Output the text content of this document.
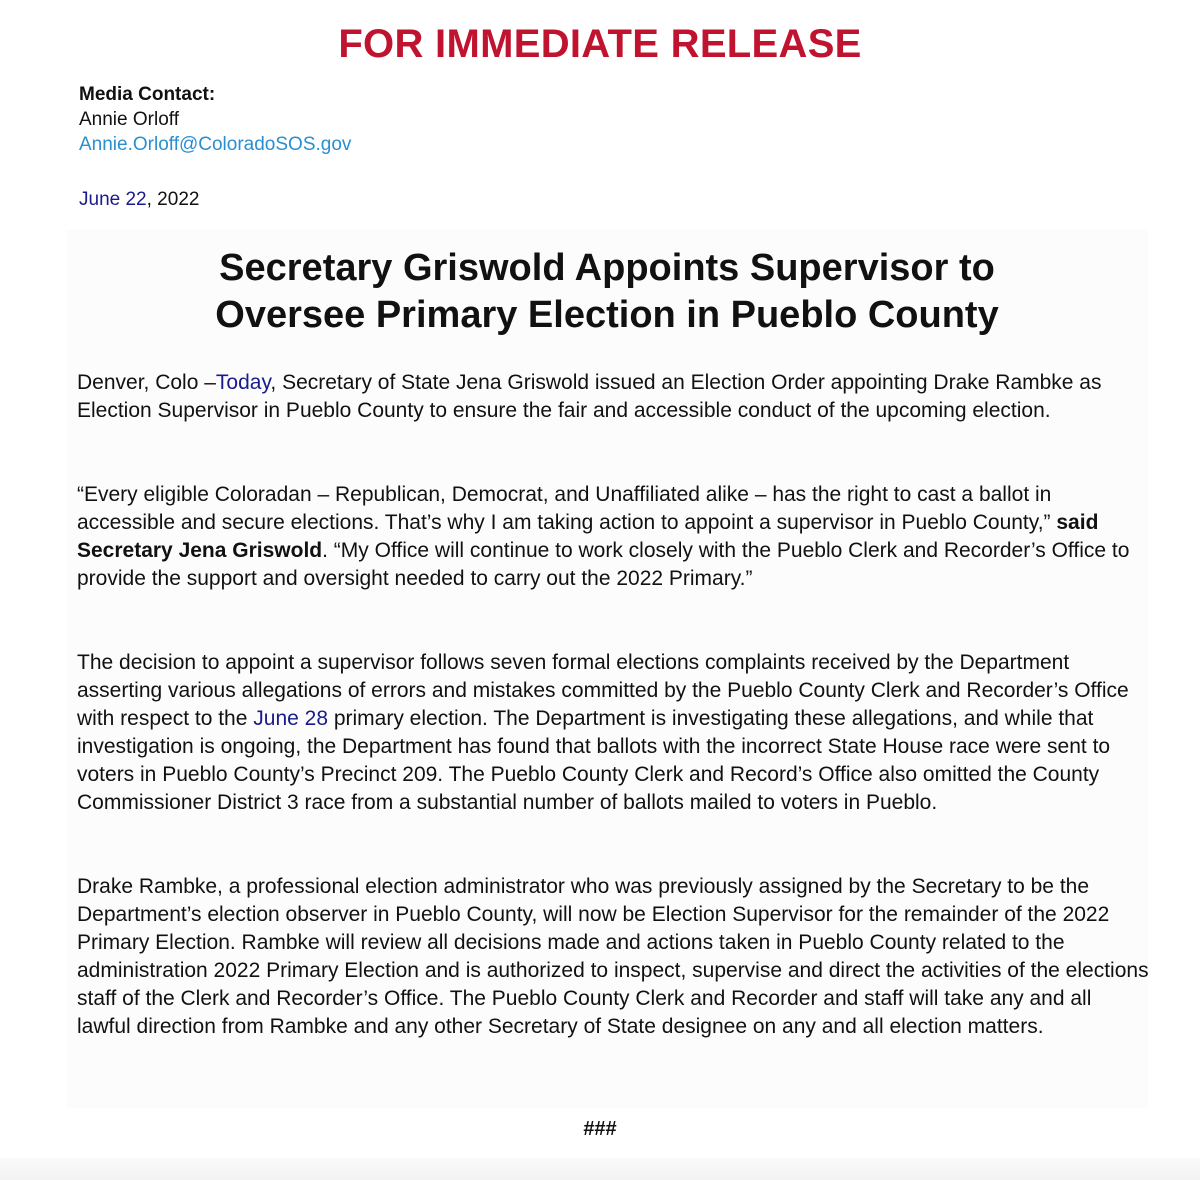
FOR IMMEDIATE RELEASE
Media Contact:
Annie Orloff
Annie.Orloff@ColoradoSOS.gov
June 22, 2022
Secretary Griswold Appoints Supervisor to
Oversee Primary Election in Pueblo County

Denver, Colo –Today, Secretary of State Jena Griswold issued an Election Order appointing Drake Rambke as Election Supervisor in Pueblo County to ensure the fair and accessible conduct of the upcoming election.

“Every eligible Coloradan – Republican, Democrat, and Unaffiliated alike – has the right to cast a ballot in accessible and secure elections. That’s why I am taking action to appoint a supervisor in Pueblo County,” said Secretary Jena Griswold. “My Office will continue to work closely with the Pueblo Clerk and Recorder’s Office to provide the support and oversight needed to carry out the 2022 Primary.”

The decision to appoint a supervisor follows seven formal elections complaints received by the Department asserting various allegations of errors and mistakes committed by the Pueblo County Clerk and Recorder’s Office with respect to the June 28 primary election. The Department is investigating these allegations, and while that investigation is ongoing, the Department has found that ballots with the incorrect State House race were sent to voters in Pueblo County’s Precinct 209. The Pueblo County Clerk and Record’s Office also omitted the County Commissioner District 3 race from a substantial number of ballots mailed to voters in Pueblo.

Drake Rambke, a professional election administrator who was previously assigned by the Secretary to be the Department’s election observer in Pueblo County, will now be Election Supervisor for the remainder of the 2022 Primary Election. Rambke will review all decisions made and actions taken in Pueblo County related to the administration 2022 Primary Election and is authorized to inspect, supervise and direct the activities of the elections staff of the Clerk and Recorder’s Office. The Pueblo County Clerk and Recorder and staff will take any and all lawful direction from Rambke and any other Secretary of State designee on any and all election matters.

###
